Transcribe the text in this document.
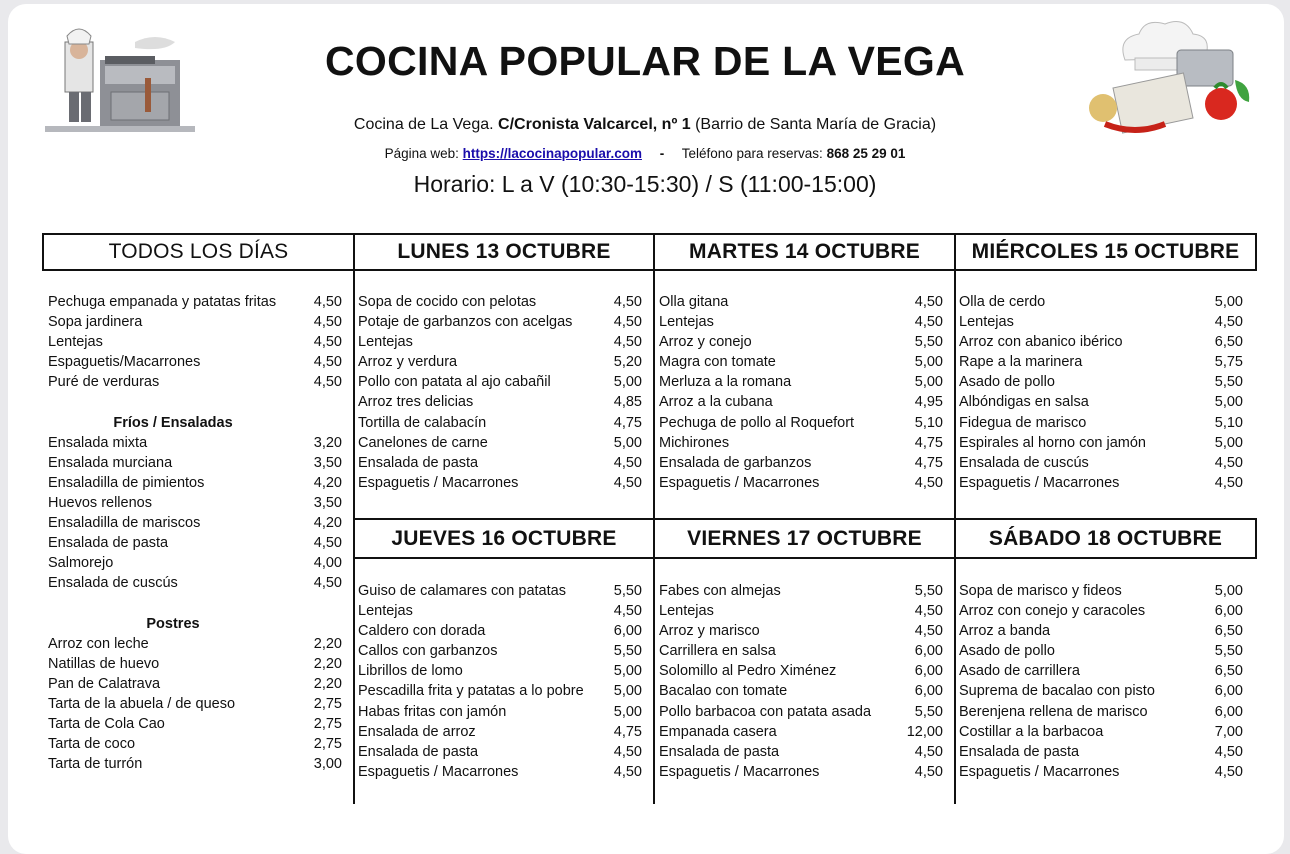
COCINA POPULAR DE LA VEGA
Cocina de La Vega. C/Cronista Valcarcel, nº 1 (Barrio de Santa María de Gracia)
Página web: https://lacocinapopular.com - Teléfono para reservas: 868 25 29 01
Horario: L a V (10:30-15:30) / S (11:00-15:00)
TODOS LOS DÍAS	LUNES 13 OCTUBRE	MARTES 14 OCTUBRE	MIÉRCOLES 15 OCTUBRE
JUEVES 16 OCTUBRE	VIERNES 17 OCTUBRE	SÁBADO 18 OCTUBRE
Pechuga empanada y patatas fritas	4,50
Sopa jardinera	4,50
Lentejas	4,50
Espaguetis/Macarrones	4,50
Puré de verduras	4,50
Fríos / Ensaladas
Ensalada mixta	3,20
Ensalada murciana	3,50
Ensaladilla de pimientos	4,20
Huevos rellenos	3,50
Ensaladilla de mariscos	4,20
Ensalada de pasta	4,50
Salmorejo	4,00
Ensalada de cuscús	4,50
Postres
Arroz con leche	2,20
Natillas de huevo	2,20
Pan de Calatrava	2,20
Tarta de la abuela / de queso	2,75
Tarta de Cola Cao	2,75
Tarta de coco	2,75
Tarta de turrón	3,00
Sopa de cocido con pelotas	4,50
Potaje de garbanzos con acelgas	4,50
Lentejas	4,50
Arroz y verdura	5,20
Pollo con patata al ajo cabañil	5,00
Arroz tres delicias	4,85
Tortilla de calabacín	4,75
Canelones de carne	5,00
Ensalada de pasta	4,50
Espaguetis / Macarrones	4,50
Olla gitana	4,50
Lentejas	4,50
Arroz y conejo	5,50
Magra con tomate	5,00
Merluza a la romana	5,00
Arroz a la cubana	4,95
Pechuga de pollo al Roquefort	5,10
Michirones	4,75
Ensalada de garbanzos	4,75
Espaguetis / Macarrones	4,50
Olla de cerdo	5,00
Lentejas	4,50
Arroz con abanico ibérico	6,50
Rape a la marinera	5,75
Asado de pollo	5,50
Albóndigas en salsa	5,00
Fidegua de marisco	5,10
Espirales al horno con jamón	5,00
Ensalada de cuscús	4,50
Espaguetis / Macarrones	4,50
Guiso de calamares con patatas	5,50
Lentejas	4,50
Caldero con dorada	6,00
Callos con garbanzos	5,50
Librillos de lomo	5,00
Pescadilla frita y patatas a lo pobre 5,00
Habas fritas con jamón	5,00
Ensalada de arroz	4,75
Ensalada de pasta	4,50
Espaguetis / Macarrones	4,50
Fabes con almejas	5,50
Lentejas	4,50
Arroz y marisco	4,50
Carrillera en salsa	6,00
Solomillo al Pedro Ximénez	6,00
Bacalao con tomate	6,00
Pollo barbacoa con patata asada	5,50
Empanada casera	12,00
Ensalada de pasta	4,50
Espaguetis / Macarrones	4,50
Sopa de marisco y fideos	5,00
Arroz con conejo y caracoles	6,00
Arroz a banda	6,50
Asado de pollo	5,50
Asado de carrillera	6,50
Suprema de bacalao con pisto	6,00
Berenjena rellena de marisco	6,00
Costillar a la barbacoa	7,00
Ensalada de pasta	4,50
Espaguetis / Macarrones	4,50
